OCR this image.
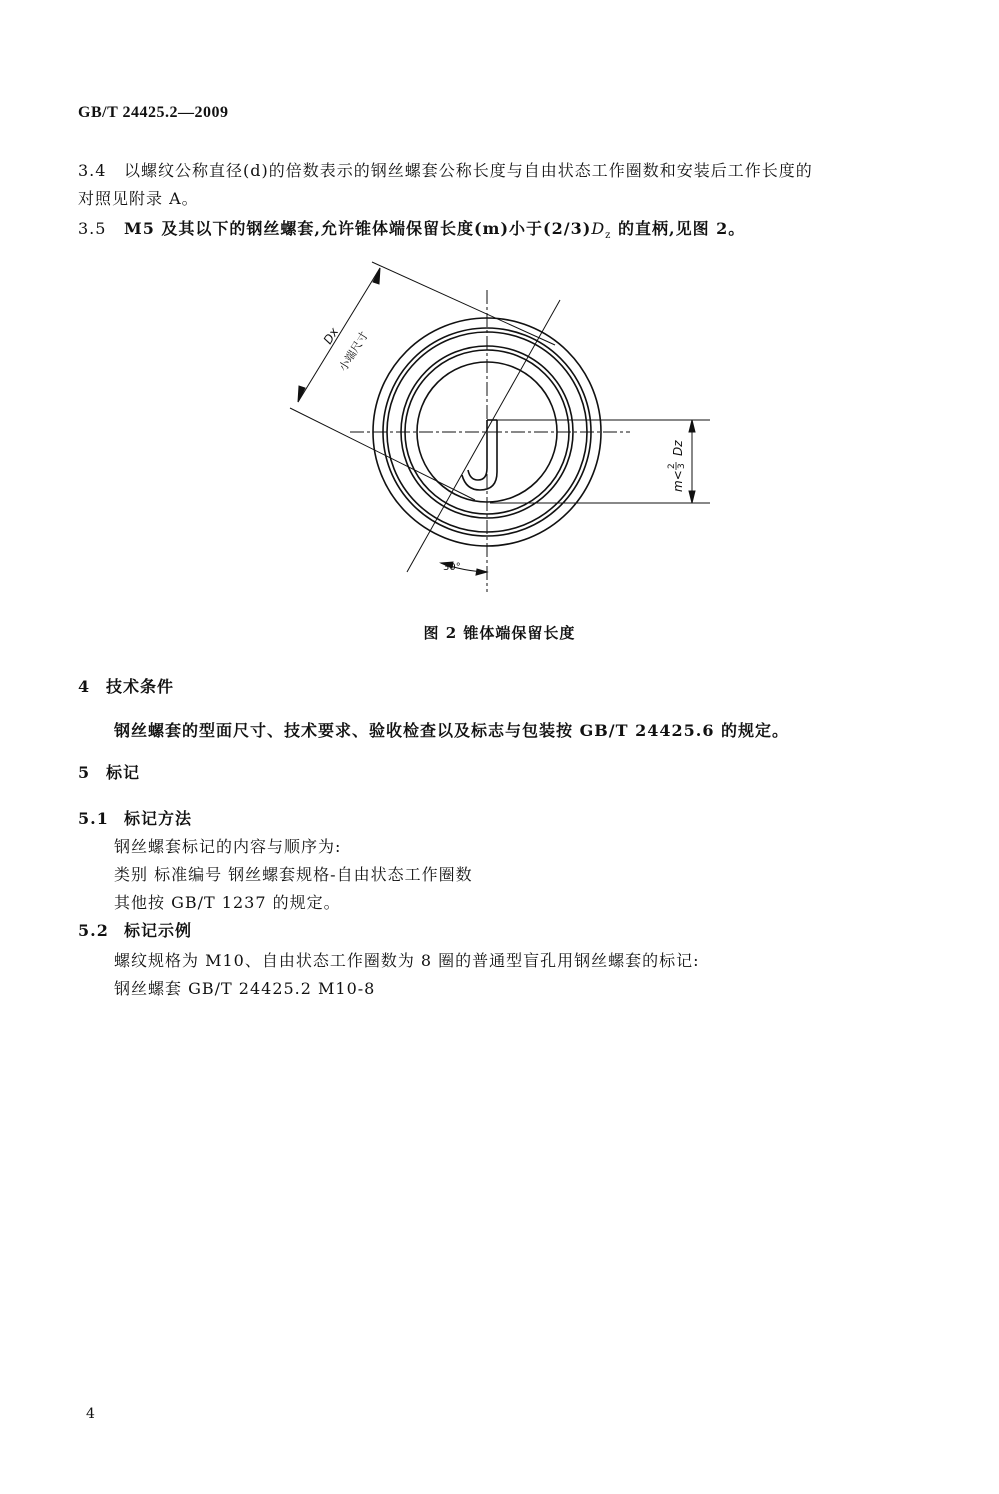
GB/T 24425.2—2009
3.4 以螺纹公称直径(d)的倍数表示的钢丝螺套公称长度与自由状态工作圈数和安装后工作长度的
对照见附录 A。
3.5 M5 及其以下的钢丝螺套,允许锥体端保留长度(m)小于$(2/3)D_z$ 的直柄,见图 2。
Dx
小端尺寸
m<
2 3
Dz
30°
图 2 锥体端保留长度
4 技术条件
钢丝螺套的型面尺寸、技术要求、验收检查以及标志与包装按 GB/T 24425.6 的规定。
5 标记
5.1 标记方法
钢丝螺套标记的内容与顺序为:
类别 标准编号 钢丝螺套规格-自由状态工作圈数
其他按 GB/T 1237 的规定。
5.2 标记示例
螺纹规格为 M10、自由状态工作圈数为 8 圈的普通型盲孔用钢丝螺套的标记:
钢丝螺套 GB/T 24425.2 M10-8
4
